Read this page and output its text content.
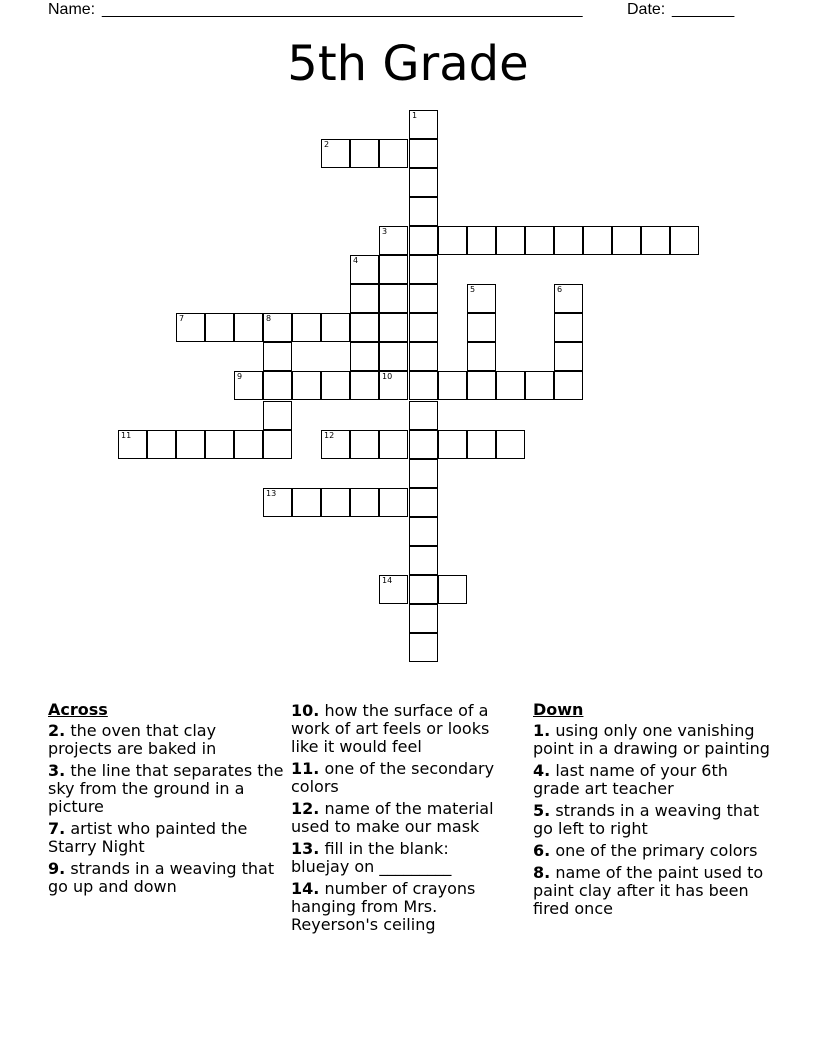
Name: ______________________________________________________	Date: _______
5th Grade
1
2
3
4
5	6
7	8
9	10
11	12
13
14
Across
2. the oven that clay projects are baked in
3. the line that separates the sky from the ground in a picture
7. artist who painted the Starry Night
9. strands in a weaving that go up and down
10. how the surface of a work of art feels or looks like it would feel
11. one of the secondary colors
12. name of the material used to make our mask
13. fill in the blank: bluejay on _________
14. number of crayons hanging from Mrs. Reyerson's ceiling
Down
1. using only one vanishing point in a drawing or painting
4. last name of your 6th grade art teacher
5. strands in a weaving that go left to right
6. one of the primary colors
8. name of the paint used to paint clay after it has been fired once
